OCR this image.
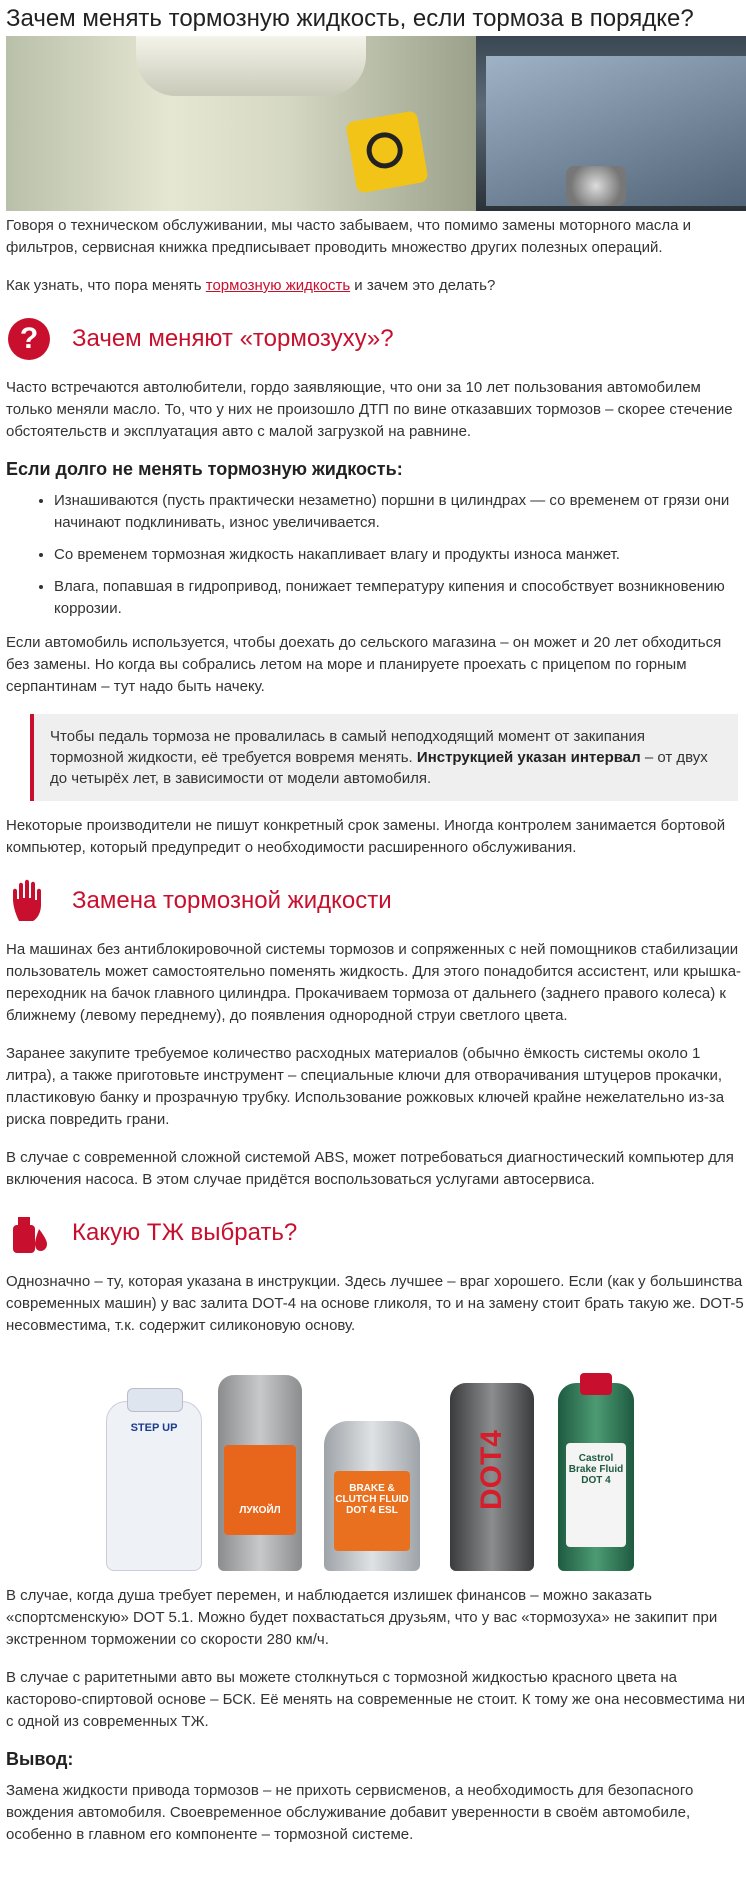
Зачем менять тормозную жидкость, если тормоза в порядке?

Говоря о техническом обслуживании, мы часто забываем, что помимо замены моторного масла и фильтров, сервисная книжка предписывает проводить множество других полезных операций.

Как узнать, что пора менять тормозную жидкость и зачем это делать?

?	Зачем меняют «тормозуху»?

Часто встречаются автолюбители, гордо заявляющие, что они за 10 лет пользования автомобилем только меняли масло. То, что у них не произошло ДТП по вине отказавших тормозов – скорее стечение обстоятельств и эксплуатация авто с малой загрузкой на равнине.

Если долго не менять тормозную жидкость:
• Изнашиваются (пусть практически незаметно) поршни в цилиндрах — со временем от грязи они начинают подклинивать, износ увеличивается.
• Со временем тормозная жидкость накапливает влагу и продукты износа манжет.
• Влага, попавшая в гидропривод, понижает температуру кипения и способствует возникновению коррозии.

Если автомобиль используется, чтобы доехать до сельского магазина – он может и 20 лет обходиться без замены. Но когда вы собрались летом на море и планируете проехать с прицепом по горным серпантинам – тут надо быть начеку.

Чтобы педаль тормоза не провалилась в самый неподходящий момент от закипания тормозной жидкости, её требуется вовремя менять. Инструкцией указан интервал – от двух до четырёх лет, в зависимости от модели автомобиля.

Некоторые производители не пишут конкретный срок замены. Иногда контролем занимается бортовой компьютер, который предупредит о необходимости расширенного обслуживания.

Замена тормозной жидкости

На машинах без антиблокировочной системы тормозов и сопряженных с ней помощников стабилизации пользователь может самостоятельно поменять жидкость. Для этого понадобится ассистент, или крышка-переходник на бачок главного цилиндра. Прокачиваем тормоза от дальнего (заднего правого колеса) к ближнему (левому переднему), до появления однородной струи светлого цвета.

Заранее закупите требуемое количество расходных материалов (обычно ёмкость системы около 1 литра), а также приготовьте инструмент – специальные ключи для отворачивания штуцеров прокачки, пластиковую банку и прозрачную трубку. Использование рожковых ключей крайне нежелательно из-за риска повредить грани.

В случае с современной сложной системой ABS, может потребоваться диагностический компьютер для включения насоса. В этом случае придётся воспользоваться услугами автосервиса.

Какую ТЖ выбрать?

Однозначно – ту, которая указана в инструкции. Здесь лучшее – враг хорошего. Если (как у большинства современных машин) у вас залита DOT-4 на основе гликоля, то и на замену стоит брать такую же. DOT-5 несовместима, т.к. содержит силиконовую основу.

STEP UP
ЛУКОЙЛ
BRAKE & CLUTCH FLUID DOT 4 ESL
DOT4	Castrol Brake Fluid DOT 4

В случае, когда душа требует перемен, и наблюдается излишек финансов – можно заказать «спортсменскую» DOT 5.1. Можно будет похвастаться друзьям, что у вас «тормозуха» не закипит при экстренном торможении со скорости 280 км/ч.

В случае с раритетными авто вы можете столкнуться с тормозной жидкостью красного цвета на касторово-спиртовой основе – БСК. Её менять на современные не стоит. К тому же она несовместима ни с одной из современных ТЖ.

Вывод:

Замена жидкости привода тормозов – не прихоть сервисменов, а необходимость для безопасного вождения автомобиля. Своевременное обслуживание добавит уверенности в своём автомобиле, особенно в главном его компоненте – тормозной системе.
